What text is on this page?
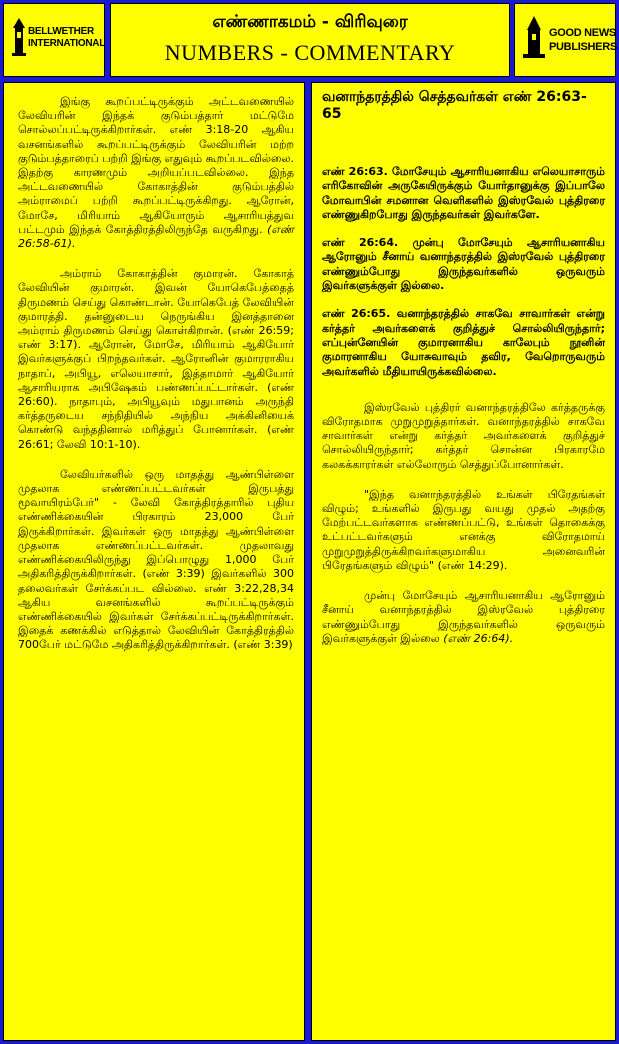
BELLWETHER
INTERNATIONAL
எண்ணாகமம் - விரிவுரை
NUMBERS - COMMENTARY
GOOD NEWS
PUBLISHERS

இங்கு கூறப்பட்டிருக்கும் அட்டவணையில் லேவியரின் இந்தக் குடும்பத்தார் மட்டுமே சொல்லப்பட்டிருக்கிறார்கள். எண் 3:18-20 ஆகிய வசனங்களில் கூறப்பட்டிருக்கும் லேவியரின் மற்ற குடும்பத்தாரைப் பற்றி இங்கு எதுவும் கூறப்படவில்லை. இதற்கு காரணமும் அறியப்படவில்லை. இந்த அட்டவணையில் கோகாத்தின் குடும்பத்தில் அம்ராமைப் பற்றி கூறப்பட்டிருக்கிறது. ஆரோன், மோசே, மிரியாம் ஆகியோரும் ஆசாரியத்துவ பட்டமும் இந்தக் கோத்திரத்திலிருந்தே வருகிறது. (எண் 26:58-61).

அம்ராம் கோகாத்தின் குமாரன். கோகாத் லேவியின் குமாரன். இவன் யோகெபேத்தைத் திருமணம் செய்து கொண்டான். யோகெபேத் லேவியின் குமாரத்தி. தன்னுடைய நெருங்கிய இனத்தானை அம்ராம் திருமணம் செய்து கொள்கிறான். (எண் 26:59; எண் 3:17). ஆரோன், மோசே, மிரியாம் ஆகியோர் இவர்களுக்குப் பிறந்தவர்கள். ஆரோனின் குமாரராகிய நாதாப், அபியூ, எலெயாசார், இத்தாமார் ஆகியோர் ஆசாரியராக அபிஷேகம் பண்ணப்பட்டார்கள். (எண் 26:60). நாதாபும், அபியூவும் மதுபானம் அருந்தி கர்த்தருடைய சந்நிதியில் அந்நிய அக்கினியைக் கொண்டு வந்ததினால் மரித்துப் போனார்கள். (எண் 26:61; லேவி 10:1-10).

லேவியர்களில் ஒரு மாதத்து ஆண்பிள்ளை முதலாக எண்ணப்பட்டவர்கள் இருபத்து மூவாயிரம்பேர்" - லேவி கோத்திரத்தாரில் புதிய எண்ணிக்கையின் பிரகாரம் 23,000 பேர் இருக்கிறார்கள். இவர்கள் ஒரு மாதத்து ஆண்பிள்ளை முதலாக எண்ணப்பட்டவர்கள். முதலாவது எண்ணிக்கையிலிருந்து இப்பொழுது 1,000 பேர் அதிகரித்திருக்கிறார்கள். (எண் 3:39) இவர்களில் 300 தலைவர்கள் சேர்க்கப்பட வில்லை. எண் 3:22,28,34 ஆகிய வசனங்களில் கூறப்பட்டிருக்கும் எண்ணிக்கையில் இவர்கள் சேர்க்கப்பட்டிருக்கிறார்கள். இதைக் கணக்கில் எடுத்தால் லேவியின் கோத்திரத்தில் 700பேர் மட்டுமே அதிகரித்திருக்கிறார்கள். (எண் 3:39)

வனாந்தரத்தில் செத்தவர்கள் எண் 26:63-65

எண் 26:63. மோசேயும் ஆசாரியனாகிய எலெயாசாரும் எரிகோவின் அருகேயிருக்கும் யோர்தானுக்கு இப்பாலே மோவாபின் சமனான வெளிகளில் இஸ்ரவேல் புத்திரரை எண்ணுகிறபோது இருந்தவர்கள் இவர்களே.

எண் 26:64. முன்பு மோசேயும் ஆசாரியனாகிய ஆரோனும் சீனாய் வனாந்தரத்தில் இஸ்ரவேல் புத்திரரை எண்ணும்போது இருந்தவர்களில் ஒருவரும் இவர்களுக்குள் இல்லை.

எண் 26:65. வனாந்தரத்தில் சாகவே சாவார்கள் என்று கர்த்தர் அவர்களைக் குறித்துச் சொல்லியிருந்தார்; எப்புன்னேயின் குமாரனாகிய காலேபும் நூனின் குமாரனாகிய யோசுவாவும் தவிர, வேறொருவரும் அவர்களில் மீதியாயிருக்கவில்லை.

இஸ்ரவேல் புத்திரர் வனாந்தரத்திலே கர்த்தருக்கு விரோதமாக முறுமுறுத்தார்கள். வனாந்தரத்தில் சாகவே சாவார்கள் என்று கர்த்தர் அவர்களைக் குறித்துச் சொல்லியிருந்தார்; கர்த்தர் சொன்ன பிரகாரமே கலகக்காரர்கள் எல்லோரும் செத்துப்போனார்கள்.

"இந்த வனாந்தரத்தில் உங்கள் பிரேதங்கள் விழும்; உங்களில் இருபது வயது முதல் அதற்கு மேற்பட்டவர்களாக எண்ணப்பட்டு, உங்கள் தொகைக்கு உட்பட்டவர்களும் எனக்கு விரோதமாய் முறுமுறுத்திருக்கிறவர்களுமாகிய அனைவரின் பிரேதங்களும் விழும்" (எண் 14:29).

முன்பு மோசேயும் ஆசாரியனாகிய ஆரோனும் சீனாய் வனாந்தரத்தில் இஸ்ரவேல் புத்திரரை எண்ணும்போது இருந்தவர்களில் ஒருவரும் இவர்களுக்குள் இல்லை (எண் 26:64).
